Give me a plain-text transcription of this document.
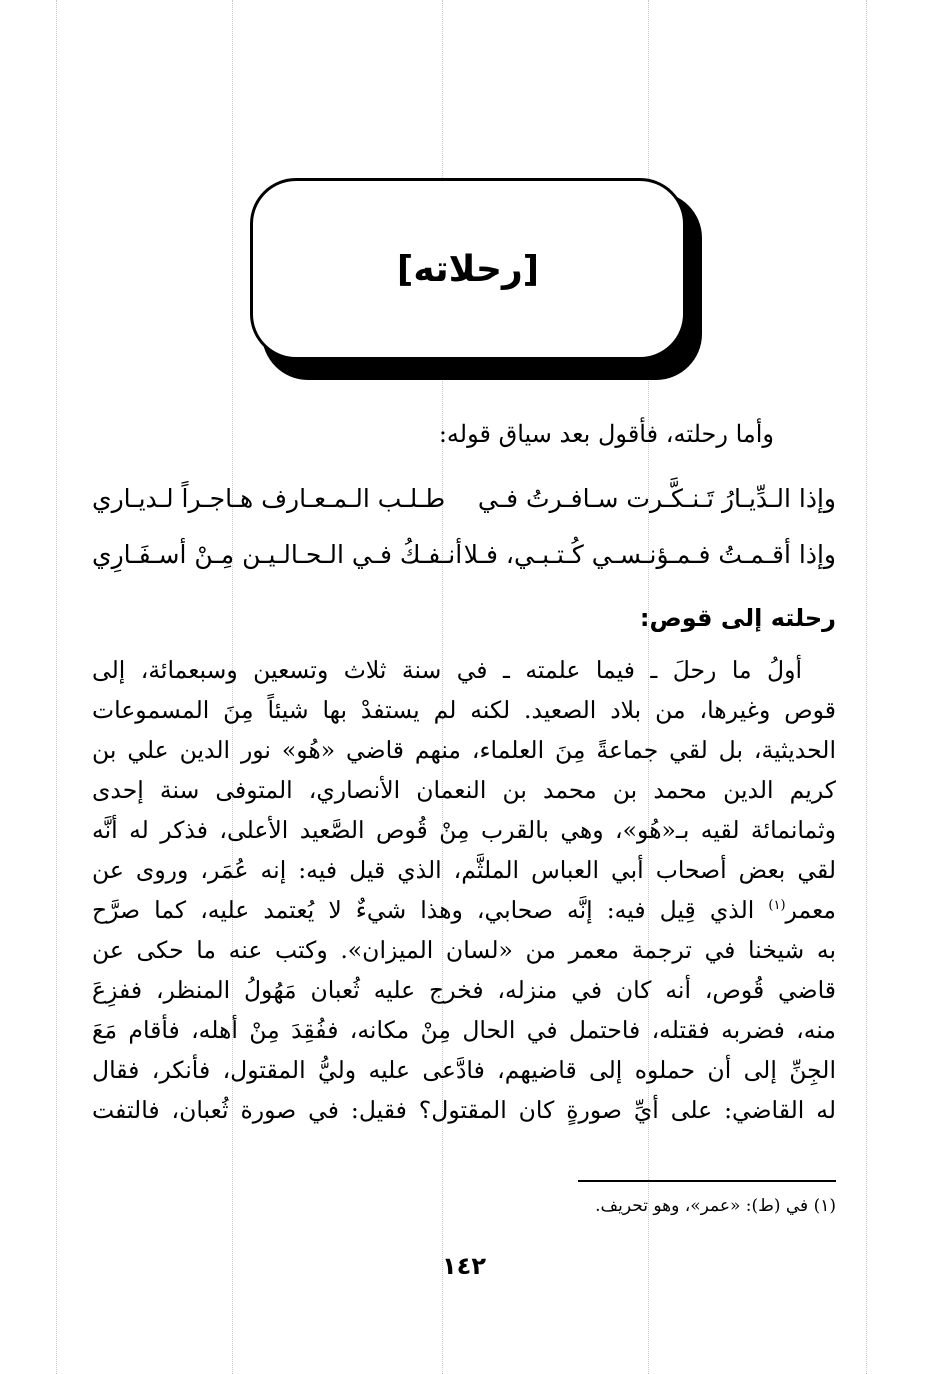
[رحلاته]
وأما رحلته، فأقول بعد سياق قوله:
وإذا الـدِّيـارُ تَـنـكَّـرت سـافـرتُ فـي
طـلـب الـمـعـارف هـاجـراً لـديـاري
وإذا أقـمـتُ فـمـؤنـسـي كُـتـبـي، فـلا
أنـفـكُ فـي الـحـالـيـن مِـنْ أسـفَـارِي
رحلته إلى قوص:
أولُ ما رحلَ ـ فيما علمته ـ في سنة ثلاث وتسعين وسبعمائة، إلى
قوص وغيرها، من بلاد الصعيد. لكنه لم يستفدْ بها شيئاً مِنَ المسموعات
الحديثية، بل لقي جماعةً مِنَ العلماء، منهم قاضي «هُو» نور الدين علي بن
كريم الدين محمد بن محمد بن النعمان الأنصاري، المتوفى سنة إحدى
وثمانمائة لقيه بـ«هُو»، وهي بالقرب مِنْ قُوص الصَّعيد الأعلى، فذكر له أنَّه
لقي بعض أصحاب أبي العباس الملثَّم، الذي قيل فيه: إنه عُمَر، وروى عن
معمر$^{(١)}$ الذي قِيل فيه: إنَّه صحابي، وهذا شيءٌ لا يُعتمد عليه، كما صرَّح
به شيخنا في ترجمة معمر من «لسان الميزان». وكتب عنه ما حكى عن
قاضي قُوص، أنه كان في منزله، فخرج عليه ثُعبان مَهُولُ المنظر، ففزِعَ
منه، فضربه فقتله، فاحتمل في الحال مِنْ مكانه، ففُقِدَ مِنْ أهله، فأقام مَعَ
الجِنِّ إلى أن حملوه إلى قاضيهم، فادَّعى عليه وليُّ المقتول، فأنكر، فقال
له القاضي: على أيِّ صورةٍ كان المقتول؟ فقيل: في صورة ثُعبان، فالتفت
(١) في (ط): «عمر»، وهو تحريف.
١٤٢
